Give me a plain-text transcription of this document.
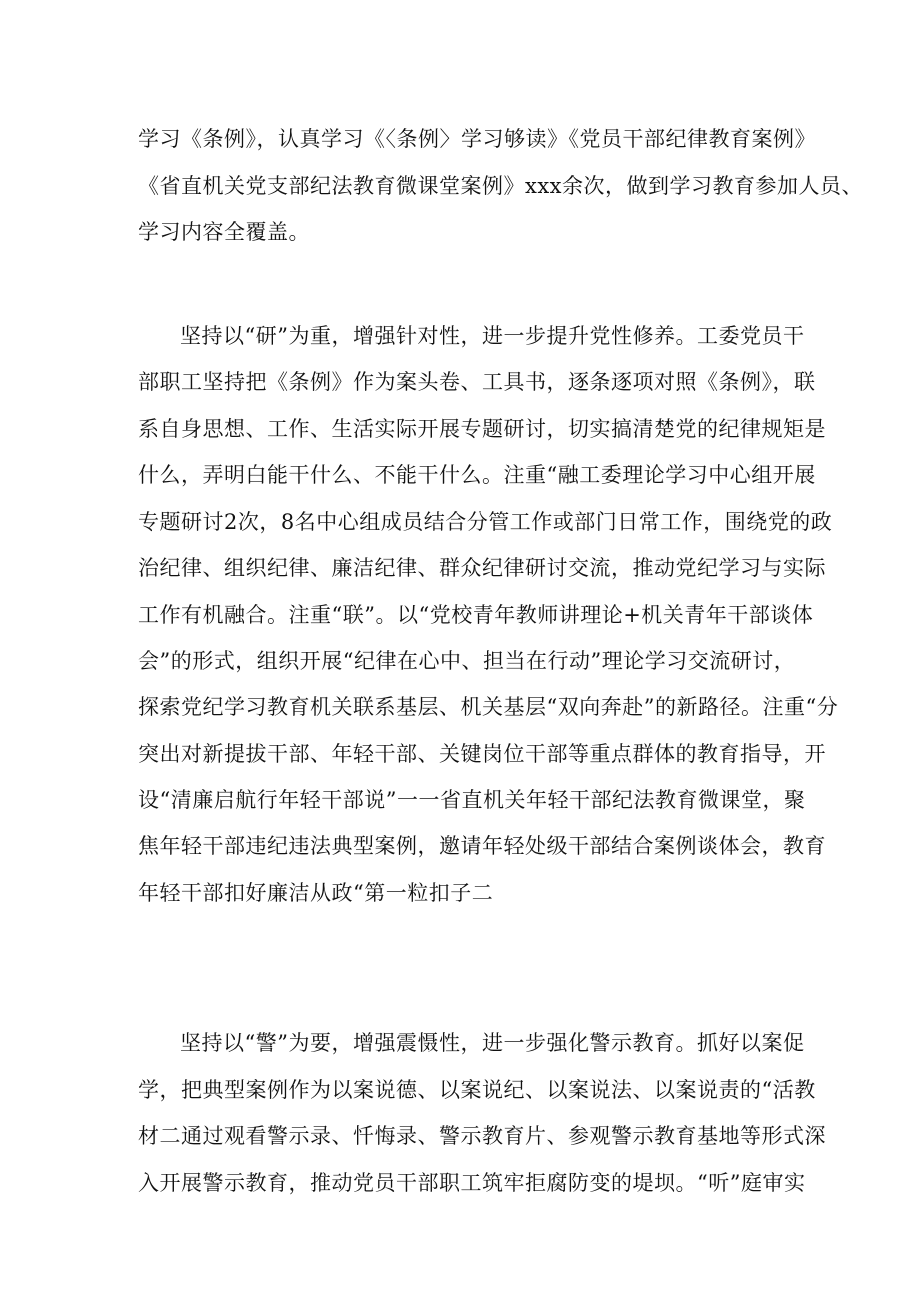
学习《条例》，认真学习《〈条例〉学习够读》《党员干部纪律教育案例》
《省直机关党支部纪法教育微课堂案例》xxx余次，做到学习教育参加人员、
学习内容全覆盖。
坚持以“研”为重，增强针对性，进一步提升党性修养。工委党员干
部职工坚持把《条例》作为案头卷、工具书，逐条逐项对照《条例》，联
系自身思想、工作、生活实际开展专题研讨，切实搞清楚党的纪律规矩是
什么，弄明白能干什么、不能干什么。注重“融工委理论学习中心组开展
专题研讨2次，8名中心组成员结合分管工作或部门日常工作，围绕党的政
治纪律、组织纪律、廉洁纪律、群众纪律研讨交流，推动党纪学习与实际
工作有机融合。注重“联”。以“党校青年教师讲理论+机关青年干部谈体
会”的形式，组织开展“纪律在心中、担当在行动”理论学习交流研讨，
探索党纪学习教育机关联系基层、机关基层“双向奔赴”的新路径。注重“分
突出对新提拔干部、年轻干部、关键岗位干部等重点群体的教育指导，开
设“清廉启航行年轻干部说”一一省直机关年轻干部纪法教育微课堂，聚
焦年轻干部违纪违法典型案例，邀请年轻处级干部结合案例谈体会，教育
年轻干部扣好廉洁从政“第一粒扣子二
坚持以“警”为要，增强震慑性，进一步强化警示教育。抓好以案促
学，把典型案例作为以案说德、以案说纪、以案说法、以案说责的“活教
材二通过观看警示录、忏悔录、警示教育片、参观警示教育基地等形式深
入开展警示教育，推动党员干部职工筑牢拒腐防变的堤坝。“听”庭审实
